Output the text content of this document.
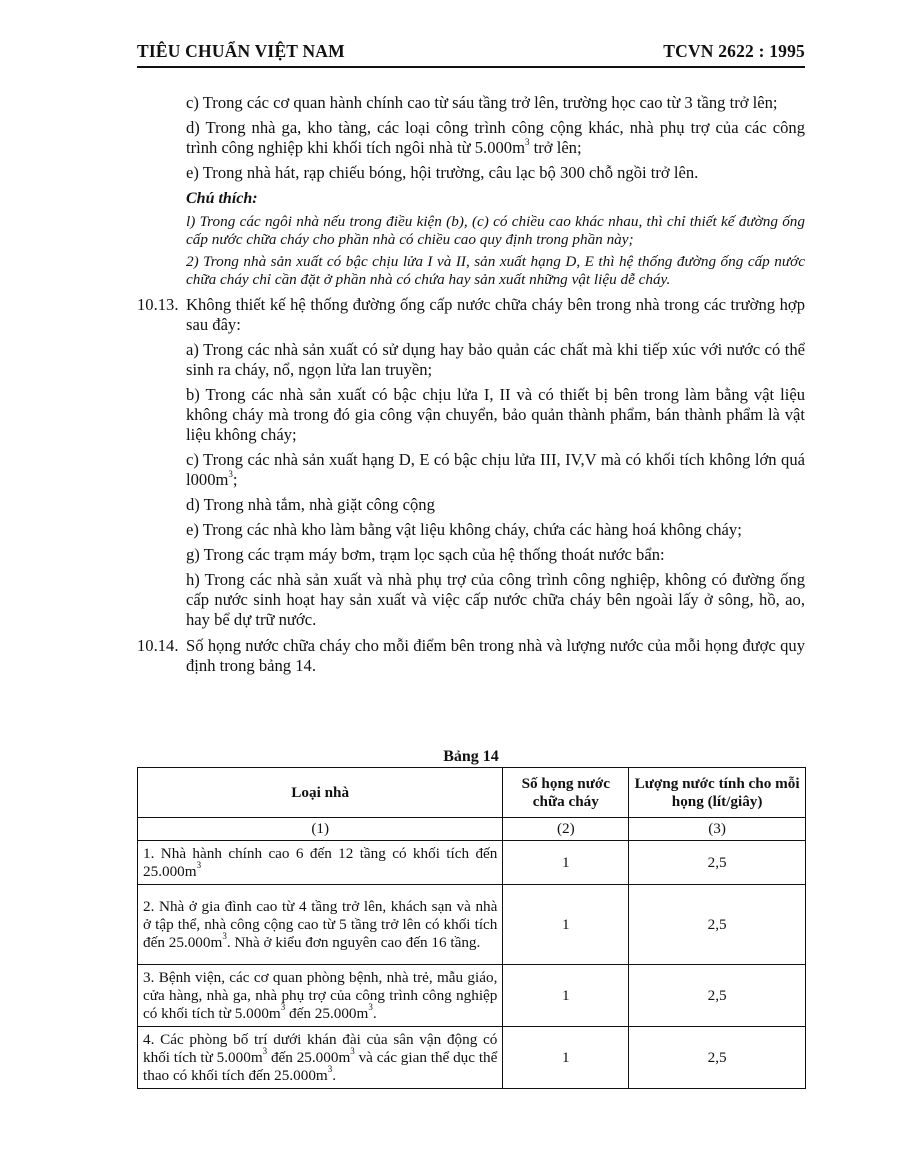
TIÊU CHUẨN VIỆT NAM	TCVN 2622 : 1995

c) Trong các cơ quan hành chính cao từ sáu tầng trở lên, trường học cao từ 3 tầng trở lên;

d) Trong nhà ga, kho tàng, các loại công trình công cộng khác, nhà phụ trợ của các công trình công nghiệp khi khối tích ngôi nhà từ $5.000m^3$ trở lên;

e) Trong nhà hát, rạp chiếu bóng, hội trường, câu lạc bộ 300 chỗ ngồi trở lên.

Chú thích:

l) Trong các ngôi nhà nếu trong điều kiện (b), (c) có chiều cao khác nhau, thì chỉ thiết kế đường ống cấp nước chữa cháy cho phần nhà có chiều cao quy định trong phần này;

2) Trong nhà sản xuất có bậc chịu lửa I và II, sản xuất hạng D, E thì hệ thống đường ống cấp nước chữa cháy chỉ cần đặt ở phần nhà có chứa hay sản xuất những vật liệu dễ cháy.

10.13. Không thiết kế hệ thống đường ống cấp nước chữa cháy bên trong nhà trong các trường hợp sau đây:

a) Trong các nhà sản xuất có sử dụng hay bảo quản các chất mà khi tiếp xúc với nước có thể sinh ra cháy, nổ, ngọn lửa lan truyền;

b) Trong các nhà sản xuất có bậc chịu lửa I, II và có thiết bị bên trong làm bằng vật liệu không cháy mà trong đó gia công vận chuyển, bảo quản thành phẩm, bán thành phẩm là vật liệu không cháy;

c) Trong các nhà sản xuất hạng D, E có bậc chịu lửa III, IV,V mà có khối tích không lớn quá $l000m^3$;

d) Trong nhà tắm, nhà giặt công cộng

e) Trong các nhà kho làm bằng vật liệu không cháy, chứa các hàng hoá không cháy;

g) Trong các trạm máy bơm, trạm lọc sạch của hệ thống thoát nước bẩn:

h) Trong các nhà sản xuất và nhà phụ trợ của công trình công nghiệp, không có đường ống cấp nước sinh hoạt hay sản xuất và việc cấp nước chữa cháy bên ngoài lấy ở sông, hồ, ao, hay bể dự trữ nước.

10.14. Số họng nước chữa cháy cho mỗi điểm bên trong nhà và lượng nước của mỗi họng được quy định trong bảng 14.
Bảng 14
Loại nhà	Số họng nước chữa cháy	Lượng nước tính cho mỗi họng (lít/giây)
(1)	(2)	(3)
1. Nhà hành chính cao 6 đến 12 tầng có khối tích đến $25.000m^3$	1	2,5
2. Nhà ở gia đình cao từ 4 tầng trở lên, khách sạn và nhà ở tập thể, nhà công cộng cao từ 5 tầng trở lên có khối tích đến $25.000m^3$. Nhà ở kiểu đơn nguyên cao đến 16 tầng.	1	2,5
3. Bệnh viện, các cơ quan phòng bệnh, nhà trẻ, mẫu giáo, cửa hàng, nhà ga, nhà phụ trợ của công trình công nghiệp có khối tích từ $5.000m^3$ đến $25.000m^3$.	1	2,5
4. Các phòng bố trí dưới khán đài của sân vận động có khối tích từ $5.000m^3$ đến $25.000m^3$ và các gian thể dục thể thao có khối tích đến $25.000m^3$.	1	2,5
